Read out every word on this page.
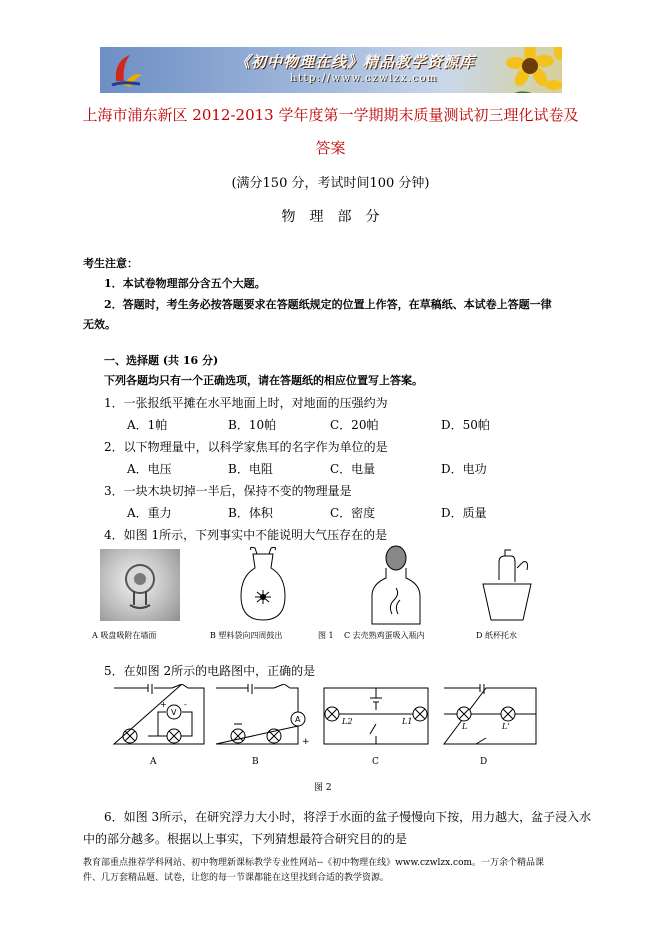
《初中物理在线》精品教学资源库
http://www.czwlzx.com
上海市浦东新区 2012-2013 学年度第一学期期末质量测试初三理化试卷及
答案
(满分150 分，考试时间100 分钟)
物　理　部　分
考生注意：
1．本试卷物理部分含五个大题。
2．答题时，考生务必按答题要求在答题纸规定的位置上作答，在草稿纸、本试卷上答题一律
无效。
一、选择题 (共 16 分)
下列各题均只有一个正确选项，请在答题纸的相应位置写上答案。
1．一张报纸平摊在水平地面上时，对地面的压强约为
A．1帕	B．10帕	C．20帕	D．50帕
2．以下物理量中，以科学家焦耳的名字作为单位的是
A．电压	B．电阻	C．电量	D．电功
3．一块木块切掉一半后，保持不变的物理量是
A．重力	B．体积	C．密度	D．质量
4．如图 1所示，下列事实中不能说明大气压存在的是
A 吸盘吸附在墙面	B 塑料袋向四周鼓出	图 1 C 去壳熟鸡蛋吸入瓶内	D 纸杯托水
5．在如图 2所示的电路图中，正确的是
V
+ -
A
+
L2	L1
L	L'
A	B	C	D
图 2
6．如图 3所示，在研究浮力大小时，将浮于水面的盆子慢慢向下按，用力越大，盆子浸入水
中的部分越多。根据以上事实，下列猜想最符合研究目的的是
教育部重点推荐学科网站、初中物理新课标教学专业性网站--《初中物理在线》www.czwlzx.com。一万余个精品课
件、几万套精品题、试卷，让您的每一节课都能在这里找到合适的教学资源。
